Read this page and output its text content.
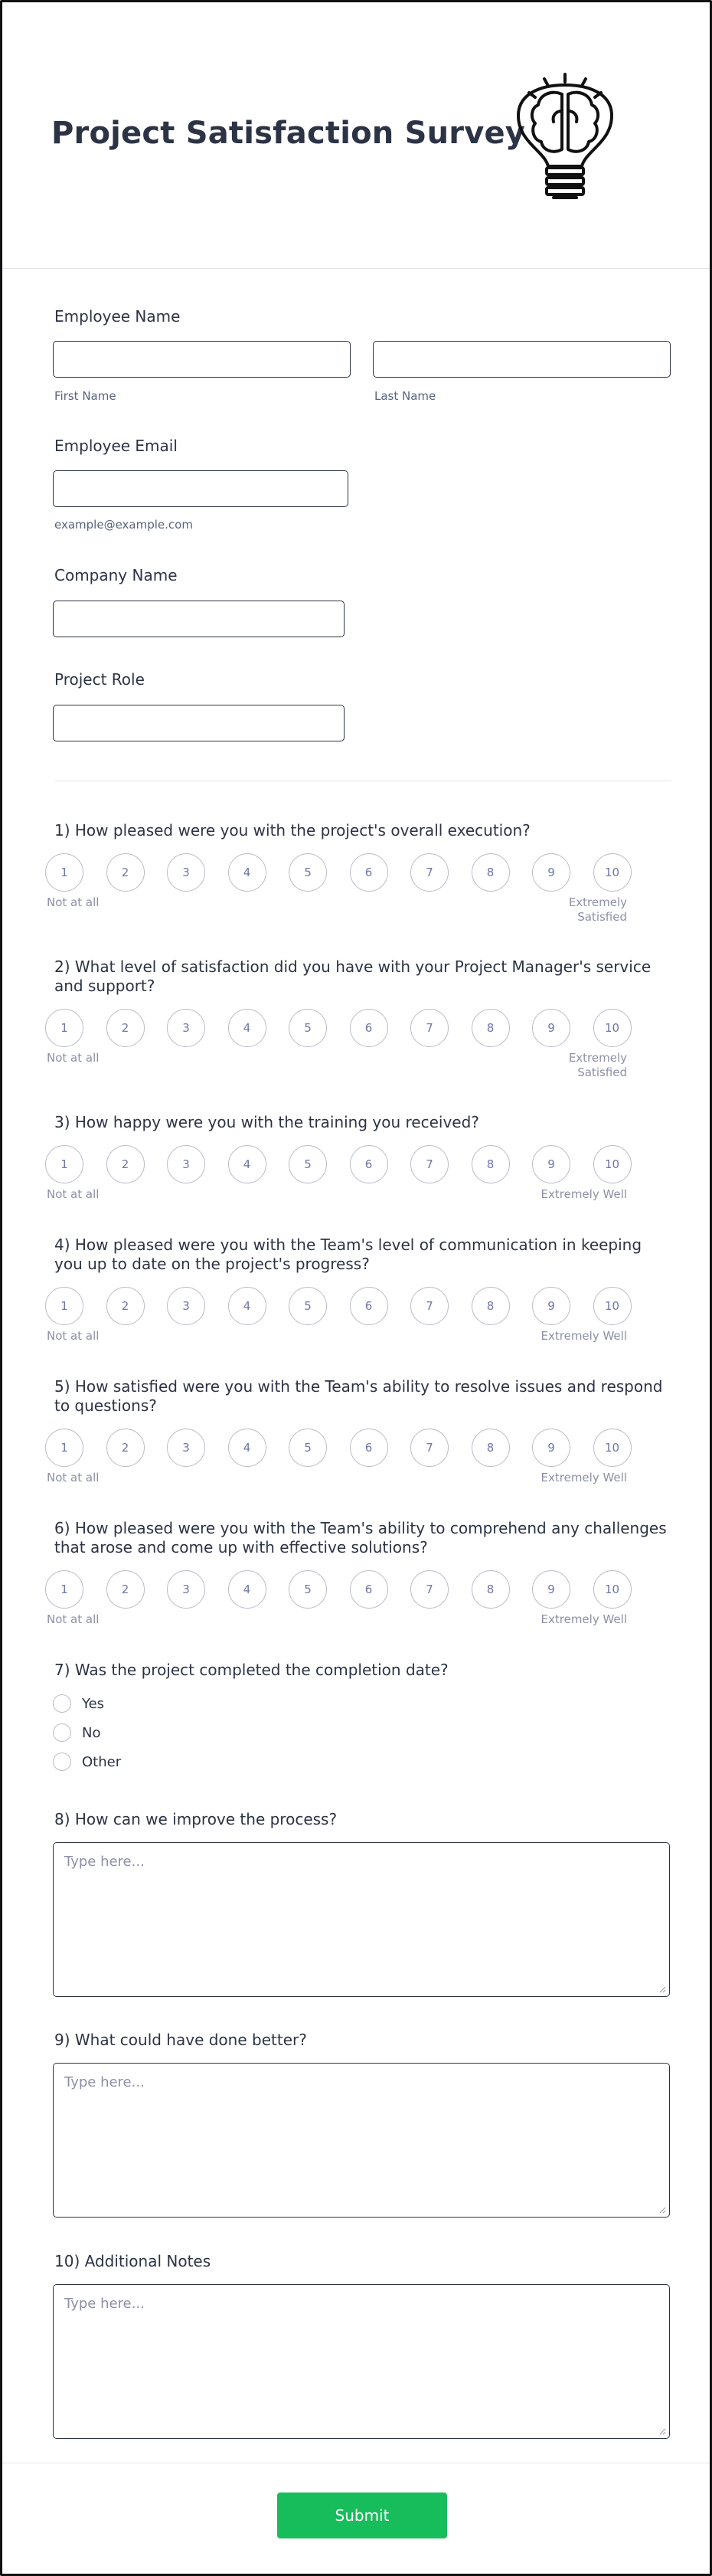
Project Satisfaction Survey
Employee Name
First Name	Last Name
Employee Email
example@example.com
Company Name
Project Role
1) How pleased were you with the project's overall execution?
1	2	3	4	5	6	7	8	9	10
Not at all	Extremely
Satisfied
2) What level of satisfaction did you have with your Project Manager's service and support?
1	2	3	4	5	6	7	8	9	10
Not at all	Extremely
Satisfied
3) How happy were you with the training you received?
1	2	3	4	5	6	7	8	9	10
Not at all	Extremely Well
4) How pleased were you with the Team's level of communication in keeping you up to date on the project's progress?
1	2	3	4	5	6	7	8	9	10
Not at all	Extremely Well
5) How satisfied were you with the Team's ability to resolve issues and respond to questions?
1	2	3	4	5	6	7	8	9	10
Not at all	Extremely Well
6) How pleased were you with the Team's ability to comprehend any challenges that arose and come up with effective solutions?
1	2	3	4	5	6	7	8	9	10
Not at all	Extremely Well
7) Was the project completed the completion date?
Yes
No
Other
8) How can we improve the process?
Type here...
9) What could have done better?
Type here...
10) Additional Notes
Type here...
Submit
